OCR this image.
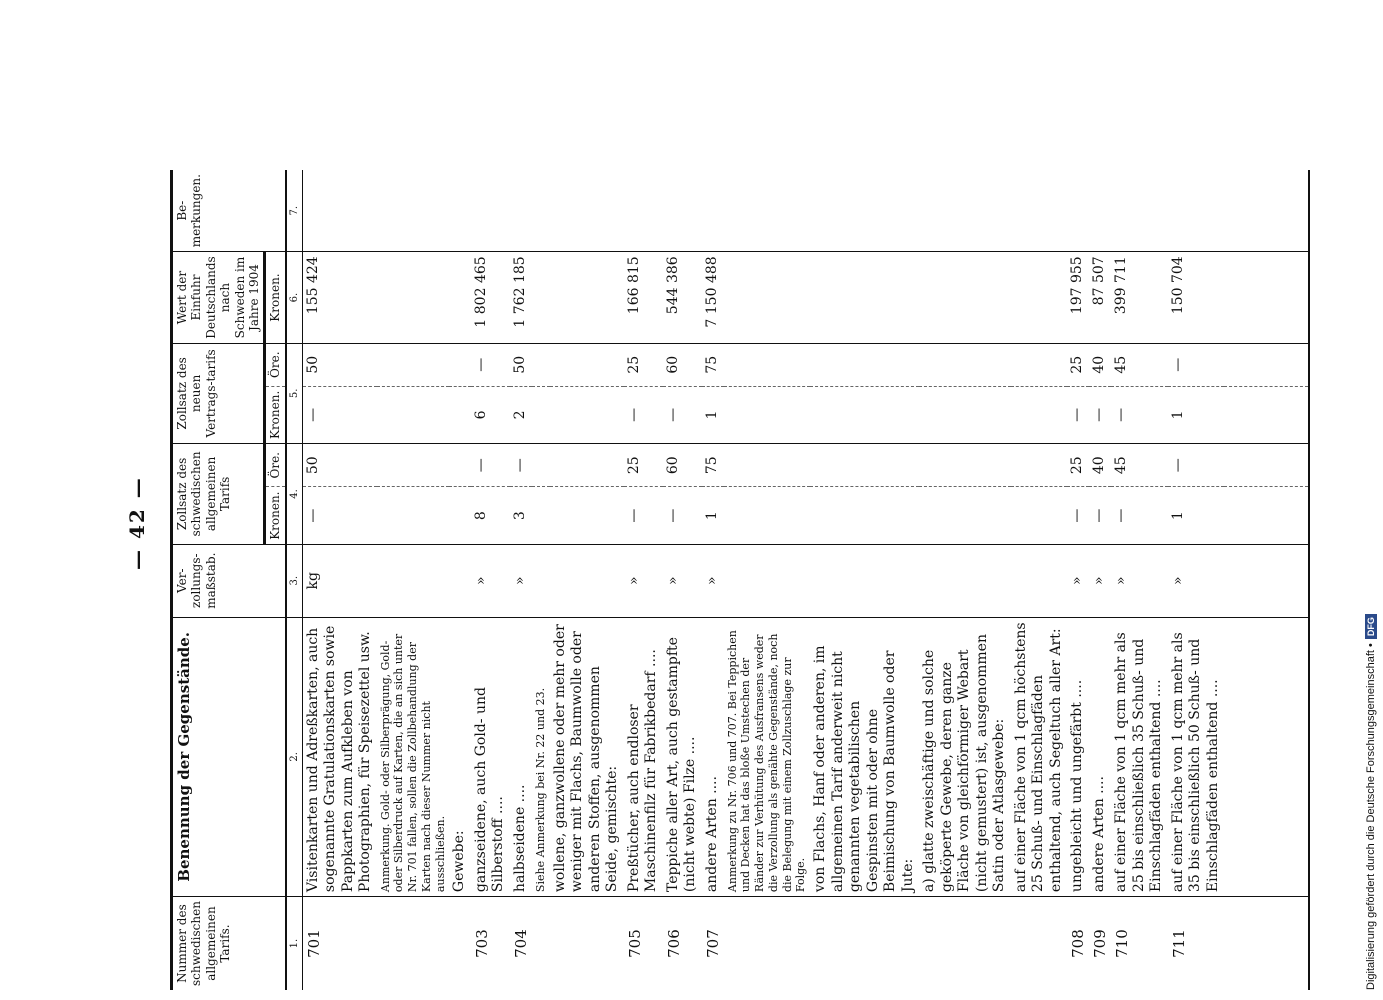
— 42 —
Nummer des schwedischen allgemeinen Tarifs.	Benennung der Gegenstände.	Ver-zollungs-maßstab.	Zollsatz des schwedischen allgemeinen Tarifs		Zollsatz des neuen Vertrags-tarifs		Wert der Einfuhr Deutschlands nach Schweden im Jahre 1904	Be-merkungen.
			Kronen.	Öre.	Kronen.	Öre.	Kronen.	
1.	2.	3.	4.		5.		6.	7.
701	Visitenkarten und Adreßkarten, auch sogenannte Gratulationskarten sowie Pappkarten zum Aufkleben von Photographien, für Speisezettel usw.	kg	—	50	—	50	155 424	
	Anmerkung. Gold- oder Silberprägung, Gold- oder Silberdruck auf Karten, die an sich unter Nr. 701 fallen, sollen die Zollbehandlung der Karten nach dieser Nummer nicht ausschließen.							
	Gewebe:							
703	ganzseidene, auch Gold- und Silberstoff ....	»	8	—	6	—	1 802 465	
704	halbseidene ....	»	3	—	2	50	1 762 185	
	Siehe Anmerkung bei Nr. 22 und 23.							
	wollene, ganzwollene oder mehr oder weniger mit Flachs, Baumwolle oder anderen Stoffen, ausgenommen Seide, gemischte:							
705	Preßtücher, auch endloser Maschinenfilz für Fabrikbedarf ....	»	—	25	—	25	166 815	
706	Teppiche aller Art, auch gestampfte (nicht webte) Filze ....	»	—	60	—	60	544 386	
707	andere Arten ....	»	1	75	1	75	7 150 488	
	Anmerkung zu Nr. 706 und 707. Bei Teppichen und Decken hat das bloße Umstechen der Ränder zur Verhütung des Ausfransens weder die Verzollung als genähte Gegenstände, noch die Belegung mit einem Zollzuschlage zur Folge.							
	von Flachs, Hanf oder anderen, im allgemeinen Tarif anderweit nicht genannten vegetabilischen Gespinsten mit oder ohne Beimischung von Baumwolle oder Jute:							
	a) glatte zweischäftige und solche geköperte Gewebe, deren ganze Fläche von gleichförmiger Webart (nicht gemustert) ist, ausgenommen Satin oder Atlasgewebe:							
	auf einer Fläche von 1 qcm höchstens 25 Schuß- und Einschlagfäden enthaltend, auch Segeltuch aller Art:							
708	ungebleicht und ungefärbt ....	»	—	25	—	25	197 955	
709	andere Arten ....	»	—	40	—	40	87 507	
710	auf einer Fläche von 1 qcm mehr als 25 bis einschließlich 35 Schuß- und Einschlagfäden enthaltend ....	»	—	45	—	45	399 711	
711	auf einer Fläche von 1 qcm mehr als 35 bis einschließlich 50 Schuß- und Einschlagfäden enthaltend ....	»	1	—	1	—	150 704	

Digitalisierung gefördert durch die Deutsche Forschungsgemeinschaft •DFG
